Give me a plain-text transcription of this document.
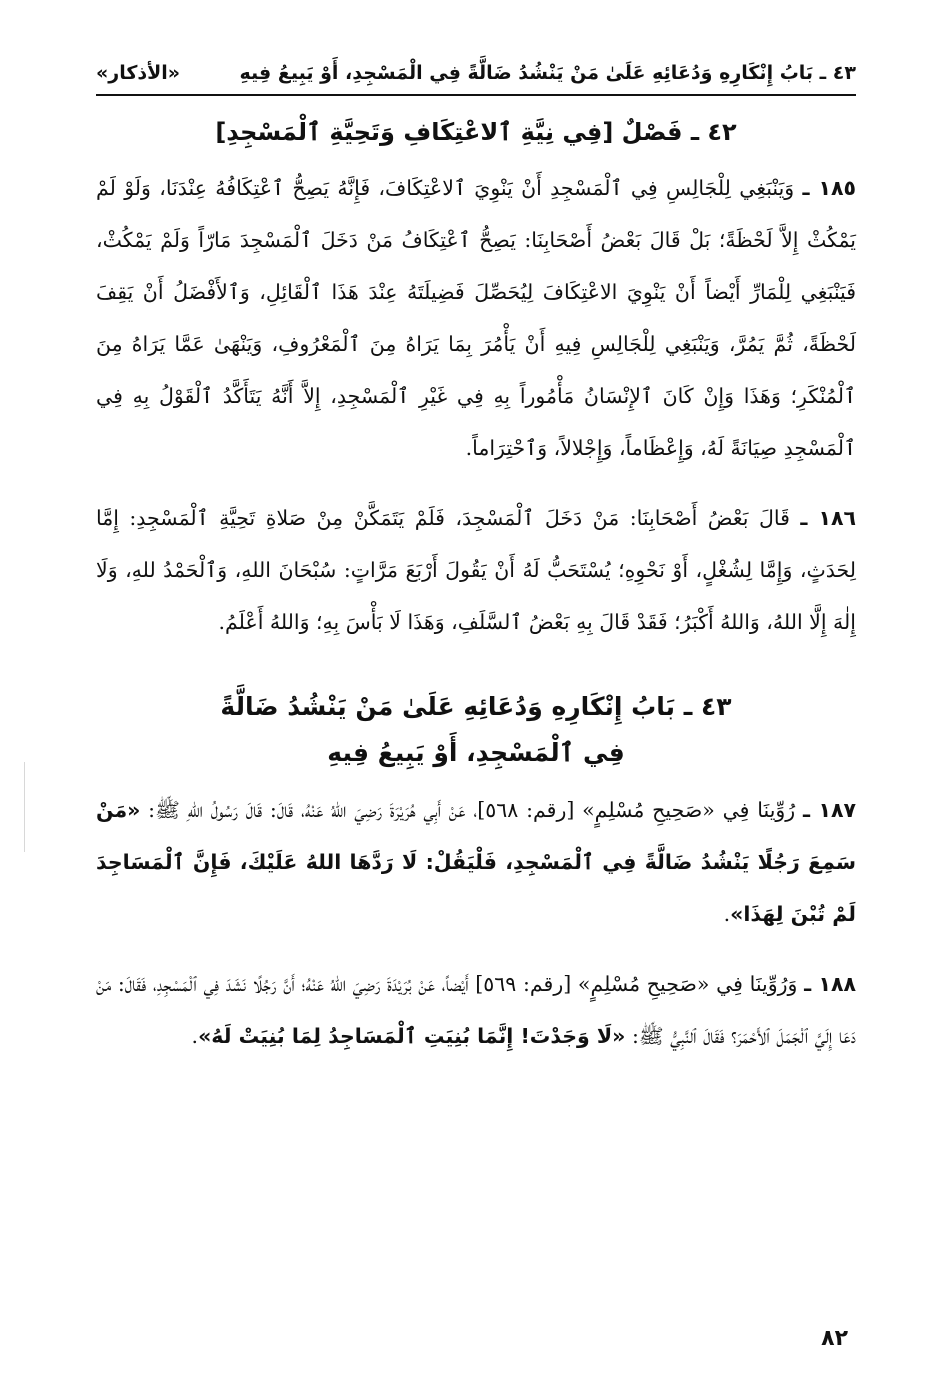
٤٣ ـ بَابُ إِنْكَارِهِ وَدُعَائِهِ عَلَىٰ مَنْ يَنْشُدُ ضَالَّةً فِي الْمَسْجِدِ، أَوْ يَبِيعُ فِيهِ
«الأذكار»
٤٢ ـ فَصْلٌ [فِي نِيَّةِ ٱلاعْتِكَافِ وَتَحِيَّةِ ٱلْمَسْجِدِ]

١٨٥ ـ وَيَنْبَغِي لِلْجَالِسِ فِي ٱلْمَسْجِدِ أَنْ يَنْوِيَ ٱلاعْتِكَافَ، فَإِنَّهُ يَصِحُّ ٱعْتِكَافُهُ عِنْدَنَا، وَلَوْ لَمْ يَمْكُثْ إِلاَّ لَحْظَةً؛ بَلْ قَالَ بَعْضُ أَصْحَابِنَا: يَصِحُّ ٱعْتِكَافُ مَنْ دَخَلَ ٱلْمَسْجِدَ مَارّاً وَلَمْ يَمْكُثْ، فَيَنْبَغِي لِلْمَارِّ أَيْضاً أَنْ يَنْوِيَ الاعْتِكَافَ لِيُحَصِّلَ فَضِيلَتَهُ عِنْدَ هَذَا ٱلْقَائِلِ، وَٱلأَفْضَلُ أَنْ يَقِفَ لَحْظَةً، ثُمَّ يَمُرَّ، وَيَنْبَغِي لِلْجَالِسِ فِيهِ أَنْ يَأْمُرَ بِمَا يَرَاهُ مِنَ ٱلْمَعْرُوفِ، وَيَنْهَىٰ عَمَّا يَرَاهُ مِنَ ٱلْمُنْكَرِ؛ وَهَذَا وَإِنْ كَانَ ٱلإِنْسَانُ مَأْمُوراً بِهِ فِي غَيْرِ ٱلْمَسْجِدِ، إِلاَّ أَنَّهُ يَتَأَكَّدُ ٱلْقَوْلُ بِهِ فِي ٱلْمَسْجِدِ صِيَانَةً لَهُ، وَإِعْظَاماً، وَإِجْلالاً، وَٱحْتِرَاماً.

١٨٦ ـ قَالَ بَعْضُ أَصْحَابِنَا: مَنْ دَخَلَ ٱلْمَسْجِدَ، فَلَمْ يَتَمَكَّنْ مِنْ صَلاةِ تَحِيَّةِ ٱلْمَسْجِدِ: إِمَّا لِحَدَثٍ، وَإِمَّا لِشُغْلٍ، أَوْ نَحْوِهِ؛ يُسْتَحَبُّ لَهُ أَنْ يَقُولَ أَرْبَعَ مَرَّاتٍ: سُبْحَانَ اللهِ، وَٱلْحَمْدُ للهِ، وَلَا إِلٰهَ إِلَّا اللهُ، وَاللهُ أَكْبَرُ؛ فَقَدْ قَالَ بِهِ بَعْضُ ٱلسَّلَفِ، وَهَذَا لَا بَأْسَ بِهِ؛ وَاللهُ أَعْلَمُ.

٤٣ ـ بَابُ إِنْكَارِهِ وَدُعَائِهِ عَلَىٰ مَنْ يَنْشُدُ ضَالَّةً
فِي ٱلْمَسْجِدِ، أَوْ يَبِيعُ فِيهِ

١٨٧ ـ رُوِّينَا فِي «صَحِيحِ مُسْلِمٍ» [رقم: ٥٦٨]، عَنْ أَبِي هُرَيْرَةَ رَضِيَ اللهُ عَنْهُ، قَالَ: قَالَ رَسُولُ اللهِ ﷺ: «مَنْ سَمِعَ رَجُلًا يَنْشُدُ ضَالَّةً فِي ٱلْمَسْجِدِ، فَلْيَقُلْ: لَا رَدَّهَا اللهُ عَلَيْكَ، فَإِنَّ ٱلْمَسَاجِدَ لَمْ تُبْنَ لِهَذَا».

١٨٨ ـ وَرُوِّينَا فِي «صَحِيحِ مُسْلِمٍ» [رقم: ٥٦٩] أَيْضاً، عَنْ بُرَيْدَةَ رَضِيَ اللهُ عَنْهُ؛ أَنَّ رَجُلًا نَشَدَ فِي ٱلْمَسْجِدِ، فَقَالَ: مَنْ دَعَا إِلَيَّ ٱلْجَمَلَ ٱلأَحْمَرَ؟ فَقَالَ ٱلنَّبِيُّ ﷺ: «لَا وَجَدْتَ! إِنَّمَا بُنِيَتِ ٱلْمَسَاجِدُ لِمَا بُنِيَتْ لَهُ».

٨٢
